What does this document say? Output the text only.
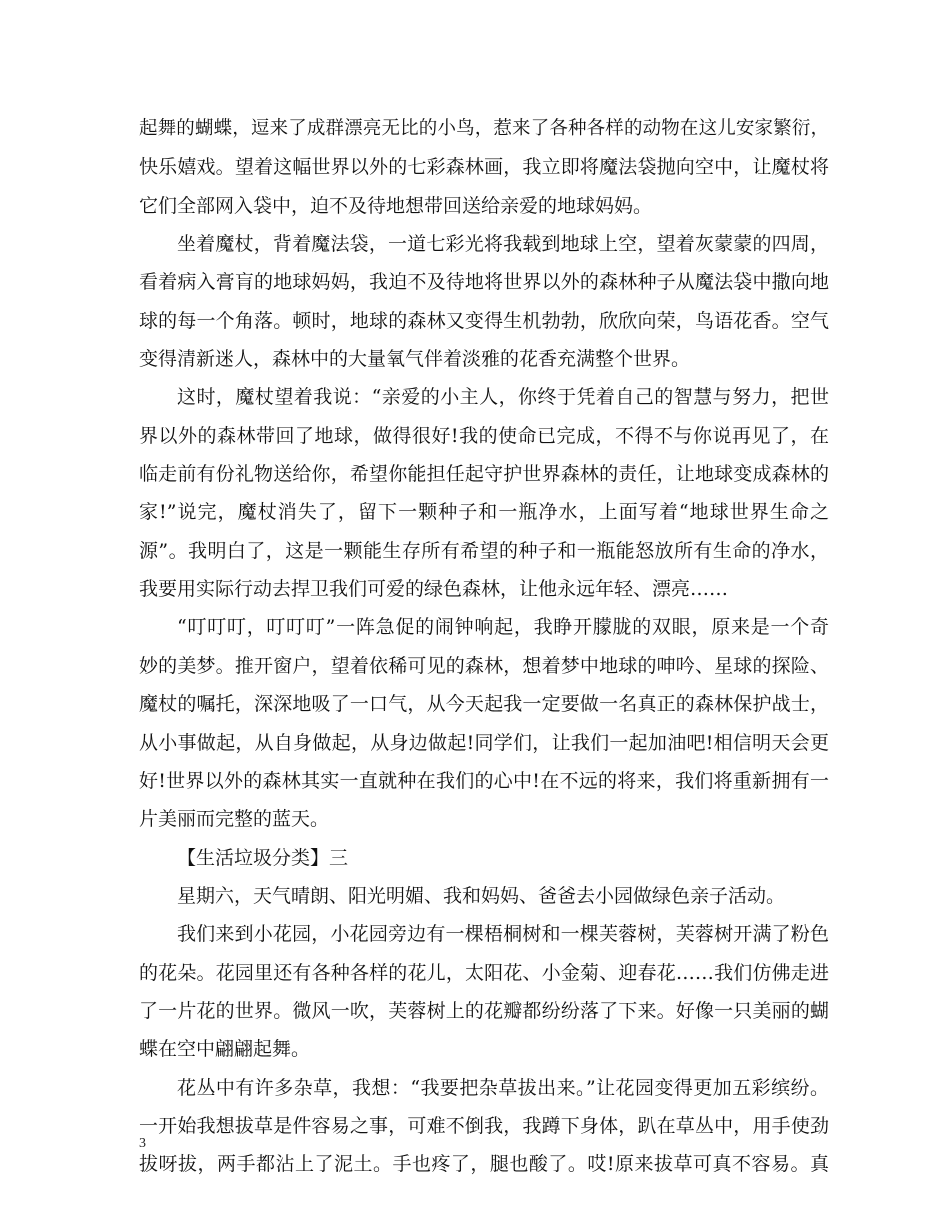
起舞的蝴蝶，逗来了成群漂亮无比的小鸟，惹来了各种各样的动物在这儿安家繁衍，
快乐嬉戏。望着这幅世界以外的七彩森林画，我立即将魔法袋抛向空中，让魔杖将
它们全部网入袋中，迫不及待地想带回送给亲爱的地球妈妈。
坐着魔杖，背着魔法袋，一道七彩光将我载到地球上空，望着灰蒙蒙的四周，
看着病入膏肓的地球妈妈，我迫不及待地将世界以外的森林种子从魔法袋中撒向地
球的每一个角落。顿时，地球的森林又变得生机勃勃，欣欣向荣，鸟语花香。空气
变得清新迷人，森林中的大量氧气伴着淡雅的花香充满整个世界。
这时，魔杖望着我说：“亲爱的小主人，你终于凭着自己的智慧与努力，把世
界以外的森林带回了地球，做得很好!我的使命已完成，不得不与你说再见了，在
临走前有份礼物送给你，希望你能担任起守护世界森林的责任，让地球变成森林的
家!”说完，魔杖消失了，留下一颗种子和一瓶净水，上面写着“地球世界生命之
源”。我明白了，这是一颗能生存所有希望的种子和一瓶能怒放所有生命的净水，
我要用实际行动去捍卫我们可爱的绿色森林，让他永远年轻、漂亮……
“叮叮叮，叮叮叮”一阵急促的闹钟响起，我睁开朦胧的双眼，原来是一个奇
妙的美梦。推开窗户，望着依稀可见的森林，想着梦中地球的呻吟、星球的探险、
魔杖的嘱托，深深地吸了一口气，从今天起我一定要做一名真正的森林保护战士，
从小事做起，从自身做起，从身边做起!同学们，让我们一起加油吧!相信明天会更
好!世界以外的森林其实一直就种在我们的心中!在不远的将来，我们将重新拥有一
片美丽而完整的蓝天。
【生活垃圾分类】三
星期六，天气晴朗、阳光明媚、我和妈妈、爸爸去小园做绿色亲子活动。
我们来到小花园，小花园旁边有一棵梧桐树和一棵芙蓉树，芙蓉树开满了粉色
的花朵。花园里还有各种各样的花儿，太阳花、小金菊、迎春花……我们仿佛走进
了一片花的世界。微风一吹，芙蓉树上的花瓣都纷纷落了下来。好像一只美丽的蝴
蝶在空中翩翩起舞。
花丛中有许多杂草，我想：“我要把杂草拔出来。”让花园变得更加五彩缤纷。
一开始我想拔草是件容易之事，可难不倒我，我蹲下身体，趴在草丛中，用手使劲
拔呀拔，两手都沾上了泥土。手也疼了，腿也酸了。哎!原来拔草可真不容易。真
3
